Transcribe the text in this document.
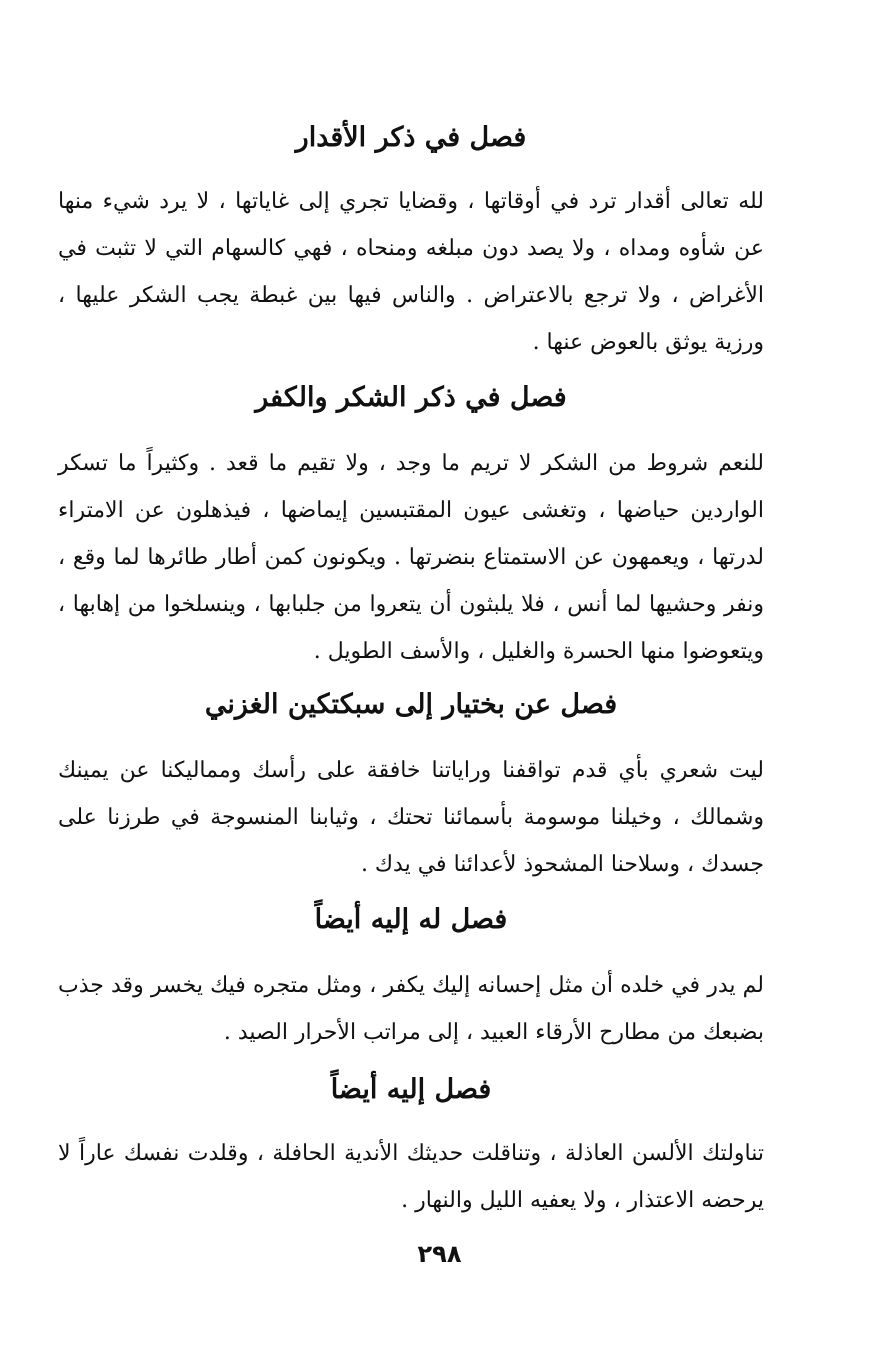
فصل في ذكر الأقدار

لله تعالى أقدار ترد في أوقاتها ، وقضايا تجري إلى غاياتها ، لا يرد شيء منها عن شأوه ومداه ، ولا يصد دون مبلغه ومنحاه ، فهي كالسهام التي لا تثبت في الأغراض ، ولا ترجع بالاعتراض . والناس فيها بين غبطة يجب الشكر عليها ، ورزية يوثق بالعوض عنها .

فصل في ذكر الشكر والكفر

للنعم شروط من الشكر لا تريم ما وجد ، ولا تقيم ما قعد . وكثيراً ما تسكر الواردين حياضها ، وتغشى عيون المقتبسين إيماضها ، فيذهلون عن الامتراء لدرتها ، ويعمهون عن الاستمتاع بنضرتها . ويكونون كمن أطار طائرها لما وقع ، ونفر وحشيها لما أنس ، فلا يلبثون أن يتعروا من جلبابها ، وينسلخوا من إهابها ، ويتعوضوا منها الحسرة والغليل ، والأسف الطويل .

فصل عن بختيار إلى سبكتكين الغزني

ليت شعري بأي قدم تواقفنا وراياتنا خافقة على رأسك ومماليكنا عن يمينك وشمالك ، وخيلنا موسومة بأسمائنا تحتك ، وثيابنا المنسوجة في طرزنا على جسدك ، وسلاحنا المشحوذ لأعدائنا في يدك .

فصل له إليه أيضاً

لم يدر في خلده أن مثل إحسانه إليك يكفر ، ومثل متجره فيك يخسر وقد جذب بضبعك من مطارح الأرقاء العبيد ، إلى مراتب الأحرار الصيد .

فصل إليه أيضاً

تناولتك الألسن العاذلة ، وتناقلت حديثك الأندية الحافلة ، وقلدت نفسك عاراً لا يرحضه الاعتذار ، ولا يعفيه الليل والنهار .

٢٩٨
